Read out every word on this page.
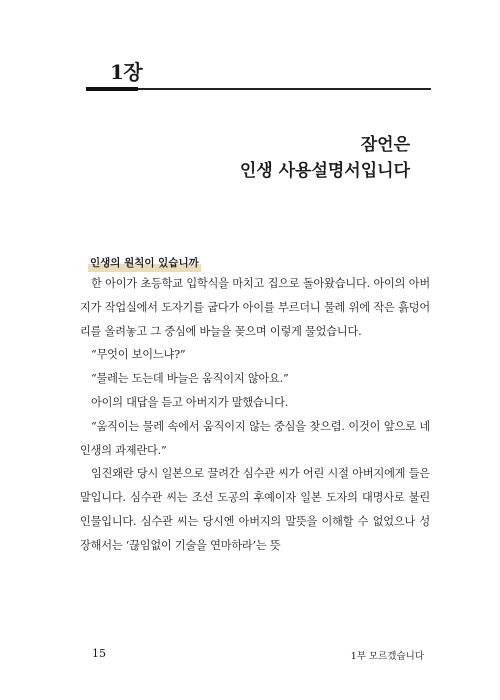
1장
잠언은
인생 사용설명서입니다
인생의 원칙이 있습니까

한 아이가 초등학교 입학식을 마치고 집으로 돌아왔습니다. 아이의 아버지가 작업실에서 도자기를 굽다가 아이를 부르더니 물레 위에 작은 흙덩어리를 올려놓고 그 중심에 바늘을 꽂으며 이렇게 물었습니다.

“무엇이 보이느냐?”

“물레는 도는데 바늘은 움직이지 않아요.”

아이의 대답을 듣고 아버지가 말했습니다.

“움직이는 물레 속에서 움직이지 않는 중심을 찾으렴. 이것이 앞으로 네 인생의 과제란다.”

임진왜란 당시 일본으로 끌려간 심수관 씨가 어린 시절 아버지에게 들은 말입니다. 심수관 씨는 조선 도공의 후예이자 일본 도자의 대명사로 불린 인물입니다. 심수관 씨는 당시엔 아버지의 말뜻을 이해할 수 없었으나 성장해서는 ‘끊임없이 기술을 연마하라’는 뜻

15	1부 모르겠습니다
